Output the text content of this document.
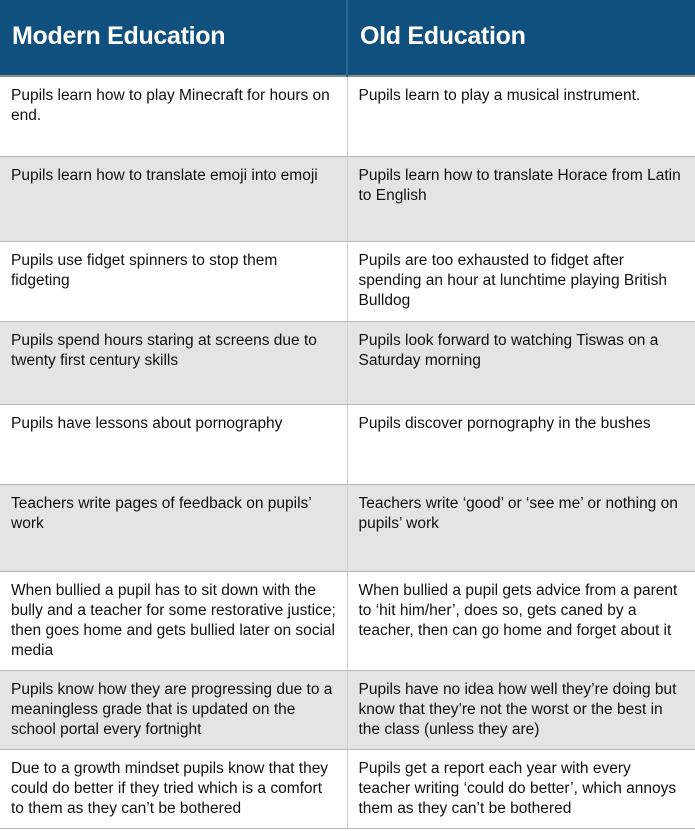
Modern Education	Old Education
Pupils learn how to play Minecraft for hours on end.	Pupils learn to play a musical instrument.
Pupils learn how to translate emoji into emoji	Pupils learn how to translate Horace from Latin to English
Pupils use fidget spinners to stop them fidgeting	Pupils are too exhausted to fidget after spending an hour at lunchtime playing British Bulldog
Pupils spend hours staring at screens due to twenty first century skills	Pupils look forward to watching Tiswas on a Saturday morning
Pupils have lessons about pornography	Pupils discover pornography in the bushes
Teachers write pages of feedback on pupils’ work	Teachers write ‘good’ or ‘see me’ or nothing on pupils’ work
When bullied a pupil has to sit down with the bully and a teacher for some restorative justice; then goes home and gets bullied later on social media	When bullied a pupil gets advice from a parent to ‘hit him/her’, does so, gets caned by a teacher, then can go home and forget about it
Pupils know how they are progressing due to a meaningless grade that is updated on the school portal every fortnight	Pupils have no idea how well they’re doing but know that they’re not the worst or the best in the class (unless they are)
Due to a growth mindset pupils know that they could do better if they tried which is a comfort to them as they can’t be bothered	Pupils get a report each year with every teacher writing ‘could do better’, which annoys them as they can’t be bothered
